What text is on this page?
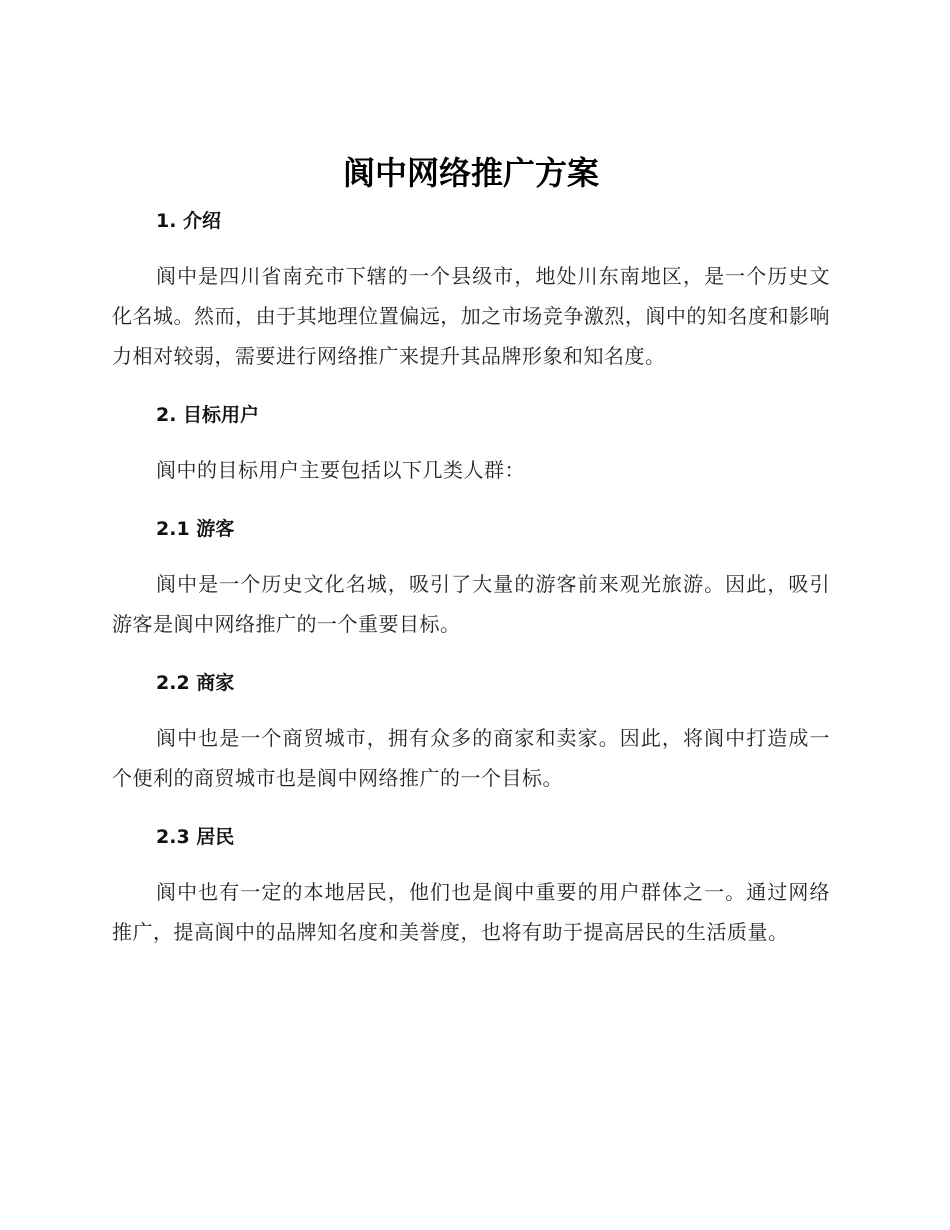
阆中网络推广方案
1. 介绍

阆中是四川省南充市下辖的一个县级市，地处川东南地区，是一个历史文化名城。然而，由于其地理位置偏远，加之市场竞争激烈，阆中的知名度和影响力相对较弱，需要进行网络推广来提升其品牌形象和知名度。

2. 目标用户

阆中的目标用户主要包括以下几类人群：

2.1 游客

阆中是一个历史文化名城，吸引了大量的游客前来观光旅游。因此，吸引游客是阆中网络推广的一个重要目标。

2.2 商家

阆中也是一个商贸城市，拥有众多的商家和卖家。因此，将阆中打造成一个便利的商贸城市也是阆中网络推广的一个目标。

2.3 居民

阆中也有一定的本地居民，他们也是阆中重要的用户群体之一。通过网络推广，提高阆中的品牌知名度和美誉度，也将有助于提高居民的生活质量。
